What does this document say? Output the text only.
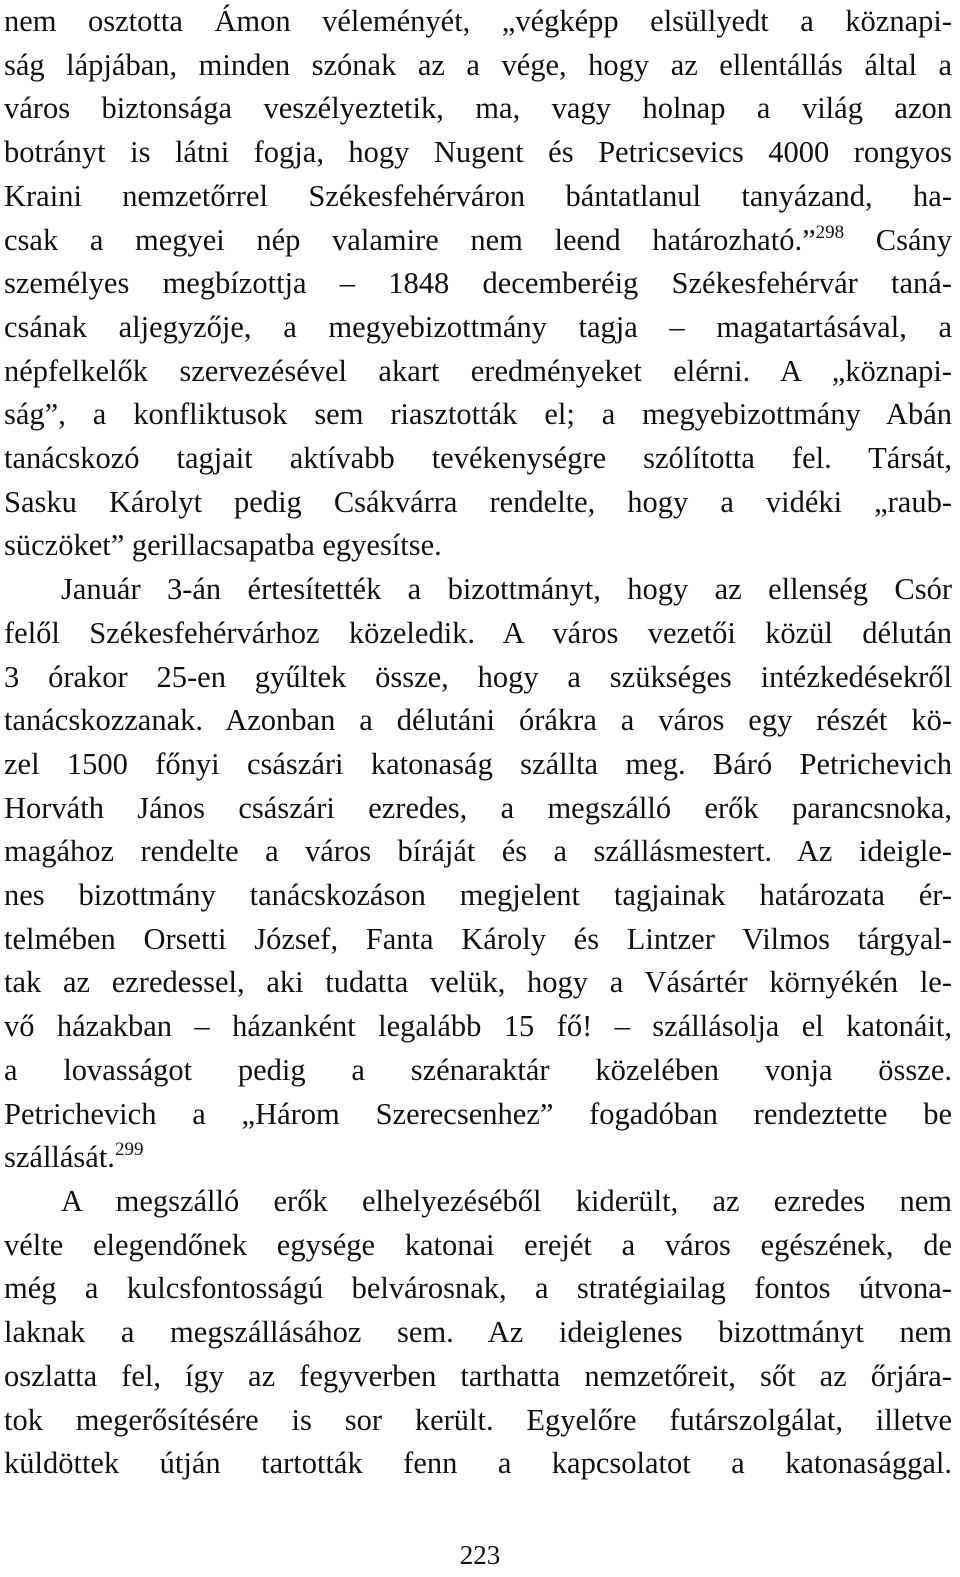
nem osztotta Ámon véleményét, „végképp elsüllyedt a köznapi-
ság lápjában, minden szónak az a vége, hogy az ellentállás által a
város biztonsága veszélyeztetik, ma, vagy holnap a világ azon
botrányt is látni fogja, hogy Nugent és Petricsevics 4000 rongyos
Kraini nemzetőrrel Székesfehérváron bántatlanul tanyázand, ha-
csak a megyei nép valamire nem leend határozható.”$^{298}$ Csány
személyes megbízottja – 1848 decemberéig Székesfehérvár taná-
csának aljegyzője, a megyebizottmány tagja – magatartásával, a
népfelkelők szervezésével akart eredményeket elérni. A „köznapi-
ság”, a konfliktusok sem riasztották el; a megyebizottmány Abán
tanácskozó tagjait aktívabb tevékenységre szólította fel. Társát,
Sasku Károlyt pedig Csákvárra rendelte, hogy a vidéki „raub-
süczöket” gerillacsapatba egyesítse.

Január 3-án értesítették a bizottmányt, hogy az ellenség Csór
felől Székesfehérvárhoz közeledik. A város vezetői közül délután
3 órakor 25-en gyűltek össze, hogy a szükséges intézkedésekről
tanácskozzanak. Azonban a délutáni órákra a város egy részét kö-
zel 1500 főnyi császári katonaság szállta meg. Báró Petrichevich
Horváth János császári ezredes, a megszálló erők parancsnoka,
magához rendelte a város bíráját és a szállásmestert. Az ideigle-
nes bizottmány tanácskozáson megjelent tagjainak határozata ér-
telmében Orsetti József, Fanta Károly és Lintzer Vilmos tárgyal-
tak az ezredessel, aki tudatta velük, hogy a Vásártér környékén le-
vő házakban – házanként legalább 15 fő! – szállásolja el katonáit,
a lovasságot pedig a szénaraktár közelében vonja össze.
Petrichevich a „Három Szerecsenhez” fogadóban rendeztette be
szállását.$^{299}$

A megszálló erők elhelyezéséből kiderült, az ezredes nem
vélte elegendőnek egysége katonai erejét a város egészének, de
még a kulcsfontosságú belvárosnak, a stratégiailag fontos útvona-
laknak a megszállásához sem. Az ideiglenes bizottmányt nem
oszlatta fel, így az fegyverben tarthatta nemzetőreit, sőt az őrjára-
tok megerősítésére is sor került. Egyelőre futárszolgálat, illetve
küldöttek útján tartották fenn a kapcsolatot a katonasággal.

223
